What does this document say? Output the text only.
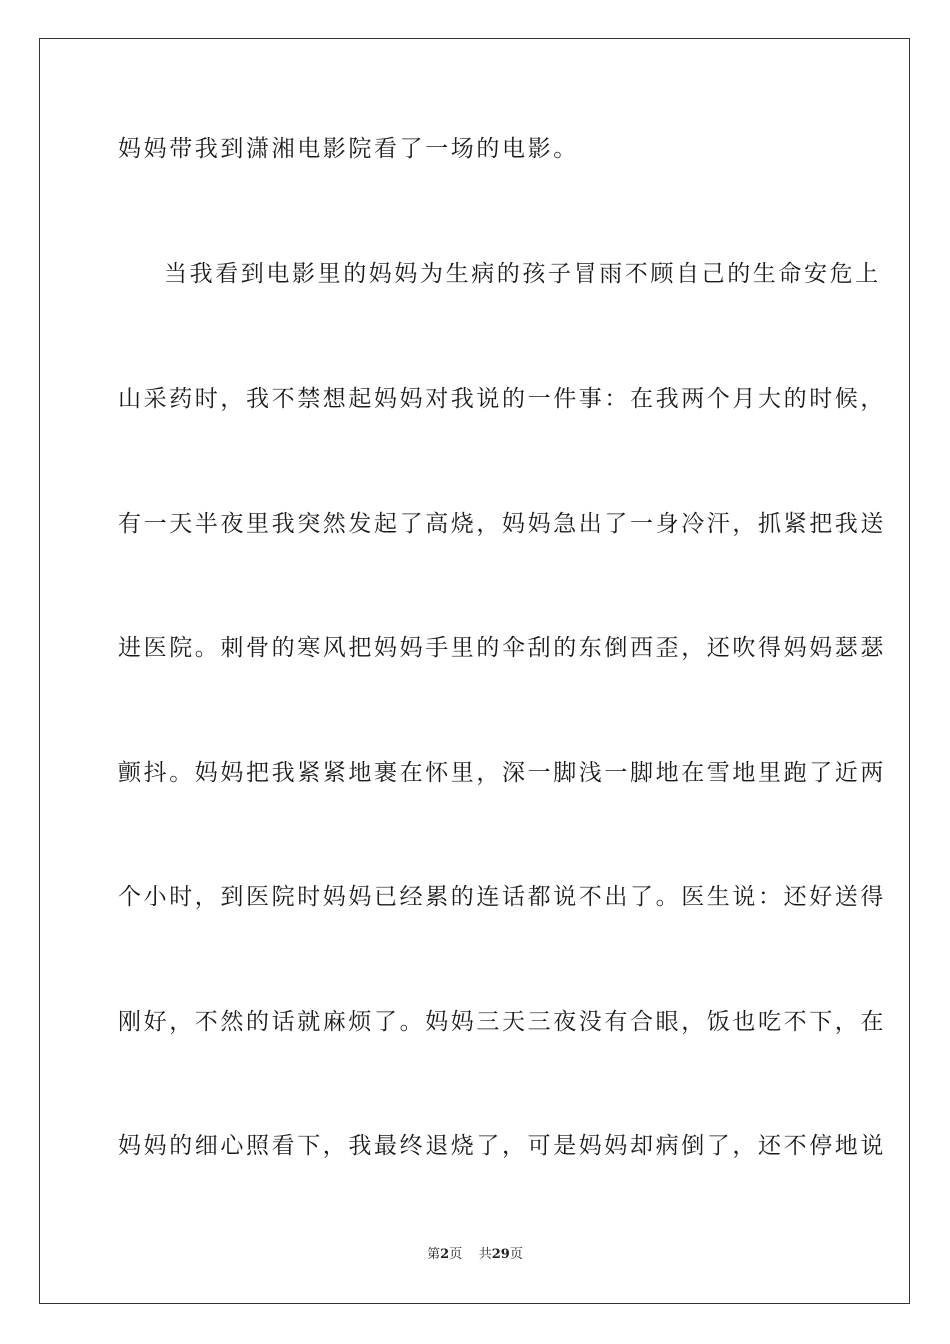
妈妈带我到潇湘电影院看了一场的电影。
当我看到电影里的妈妈为生病的孩子冒雨不顾自己的生命安危上
山采药时，我不禁想起妈妈对我说的一件事：在我两个月大的时候，
有一天半夜里我突然发起了高烧，妈妈急出了一身冷汗，抓紧把我送
进医院。刺骨的寒风把妈妈手里的伞刮的东倒西歪，还吹得妈妈瑟瑟
颤抖。妈妈把我紧紧地裹在怀里，深一脚浅一脚地在雪地里跑了近两
个小时，到医院时妈妈已经累的连话都说不出了。医生说：还好送得
刚好，不然的话就麻烦了。妈妈三天三夜没有合眼，饭也吃不下，在
妈妈的细心照看下，我最终退烧了，可是妈妈却病倒了，还不停地说
第2页 共29页
